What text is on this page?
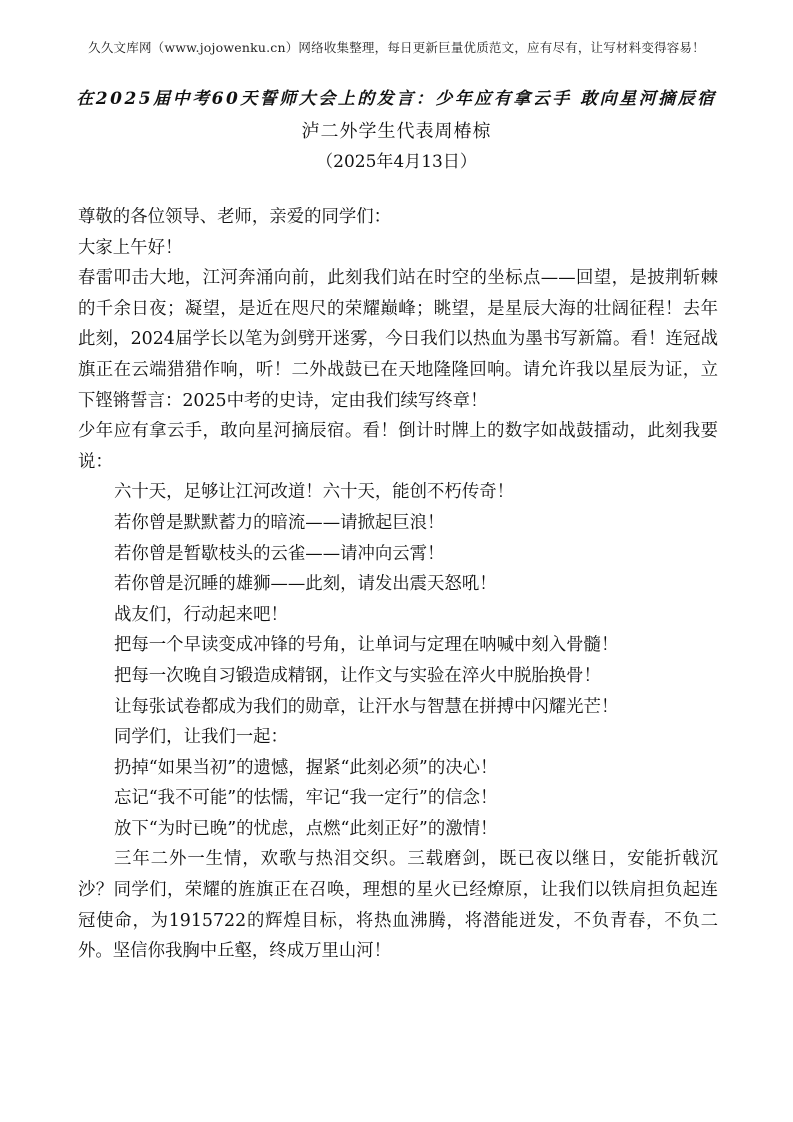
久久文库网（www.jojowenku.cn）网络收集整理，每日更新巨量优质范文，应有尽有，让写材料变得容易！
在2025届中考60天誓师大会上的发言：少年应有拿云手 敢向星河摘辰宿
泸二外学生代表周椿椋
（2025年4月13日）

尊敬的各位领导、老师，亲爱的同学们：

大家上午好！

春雷叩击大地，江河奔涌向前，此刻我们站在时空的坐标点——回望，是披荆斩棘的千余日夜；凝望，是近在咫尺的荣耀巅峰；眺望，是星辰大海的壮阔征程！去年此刻，2024届学长以笔为剑劈开迷雾，今日我们以热血为墨书写新篇。看！连冠战旗正在云端猎猎作响，听！二外战鼓已在天地隆隆回响。请允许我以星辰为证，立下铿锵誓言：2025中考的史诗，定由我们续写终章！

少年应有拿云手，敢向星河摘辰宿。看！倒计时牌上的数字如战鼓擂动，此刻我要说：

六十天，足够让江河改道！六十天，能创不朽传奇！

若你曾是默默蓄力的暗流——请掀起巨浪！

若你曾是暂歇枝头的云雀——请冲向云霄！

若你曾是沉睡的雄狮——此刻，请发出震天怒吼！

战友们，行动起来吧！

把每一个早读变成冲锋的号角，让单词与定理在呐喊中刻入骨髓！

把每一次晚自习锻造成精钢，让作文与实验在淬火中脱胎换骨！

让每张试卷都成为我们的勋章，让汗水与智慧在拼搏中闪耀光芒！

同学们，让我们一起：

扔掉“如果当初”的遗憾，握紧“此刻必须”的决心！

忘记“我不可能”的怯懦，牢记“我一定行”的信念！

放下“为时已晚”的忧虑，点燃“此刻正好”的激情！

三年二外一生情，欢歌与热泪交织。三载磨剑，既已夜以继日，安能折戟沉沙？同学们，荣耀的旌旗正在召唤，理想的星火已经燎原，让我们以铁肩担负起连冠使命，为1915722的辉煌目标，将热血沸腾，将潜能迸发，不负青春，不负二外。坚信你我胸中丘壑，终成万里山河！
